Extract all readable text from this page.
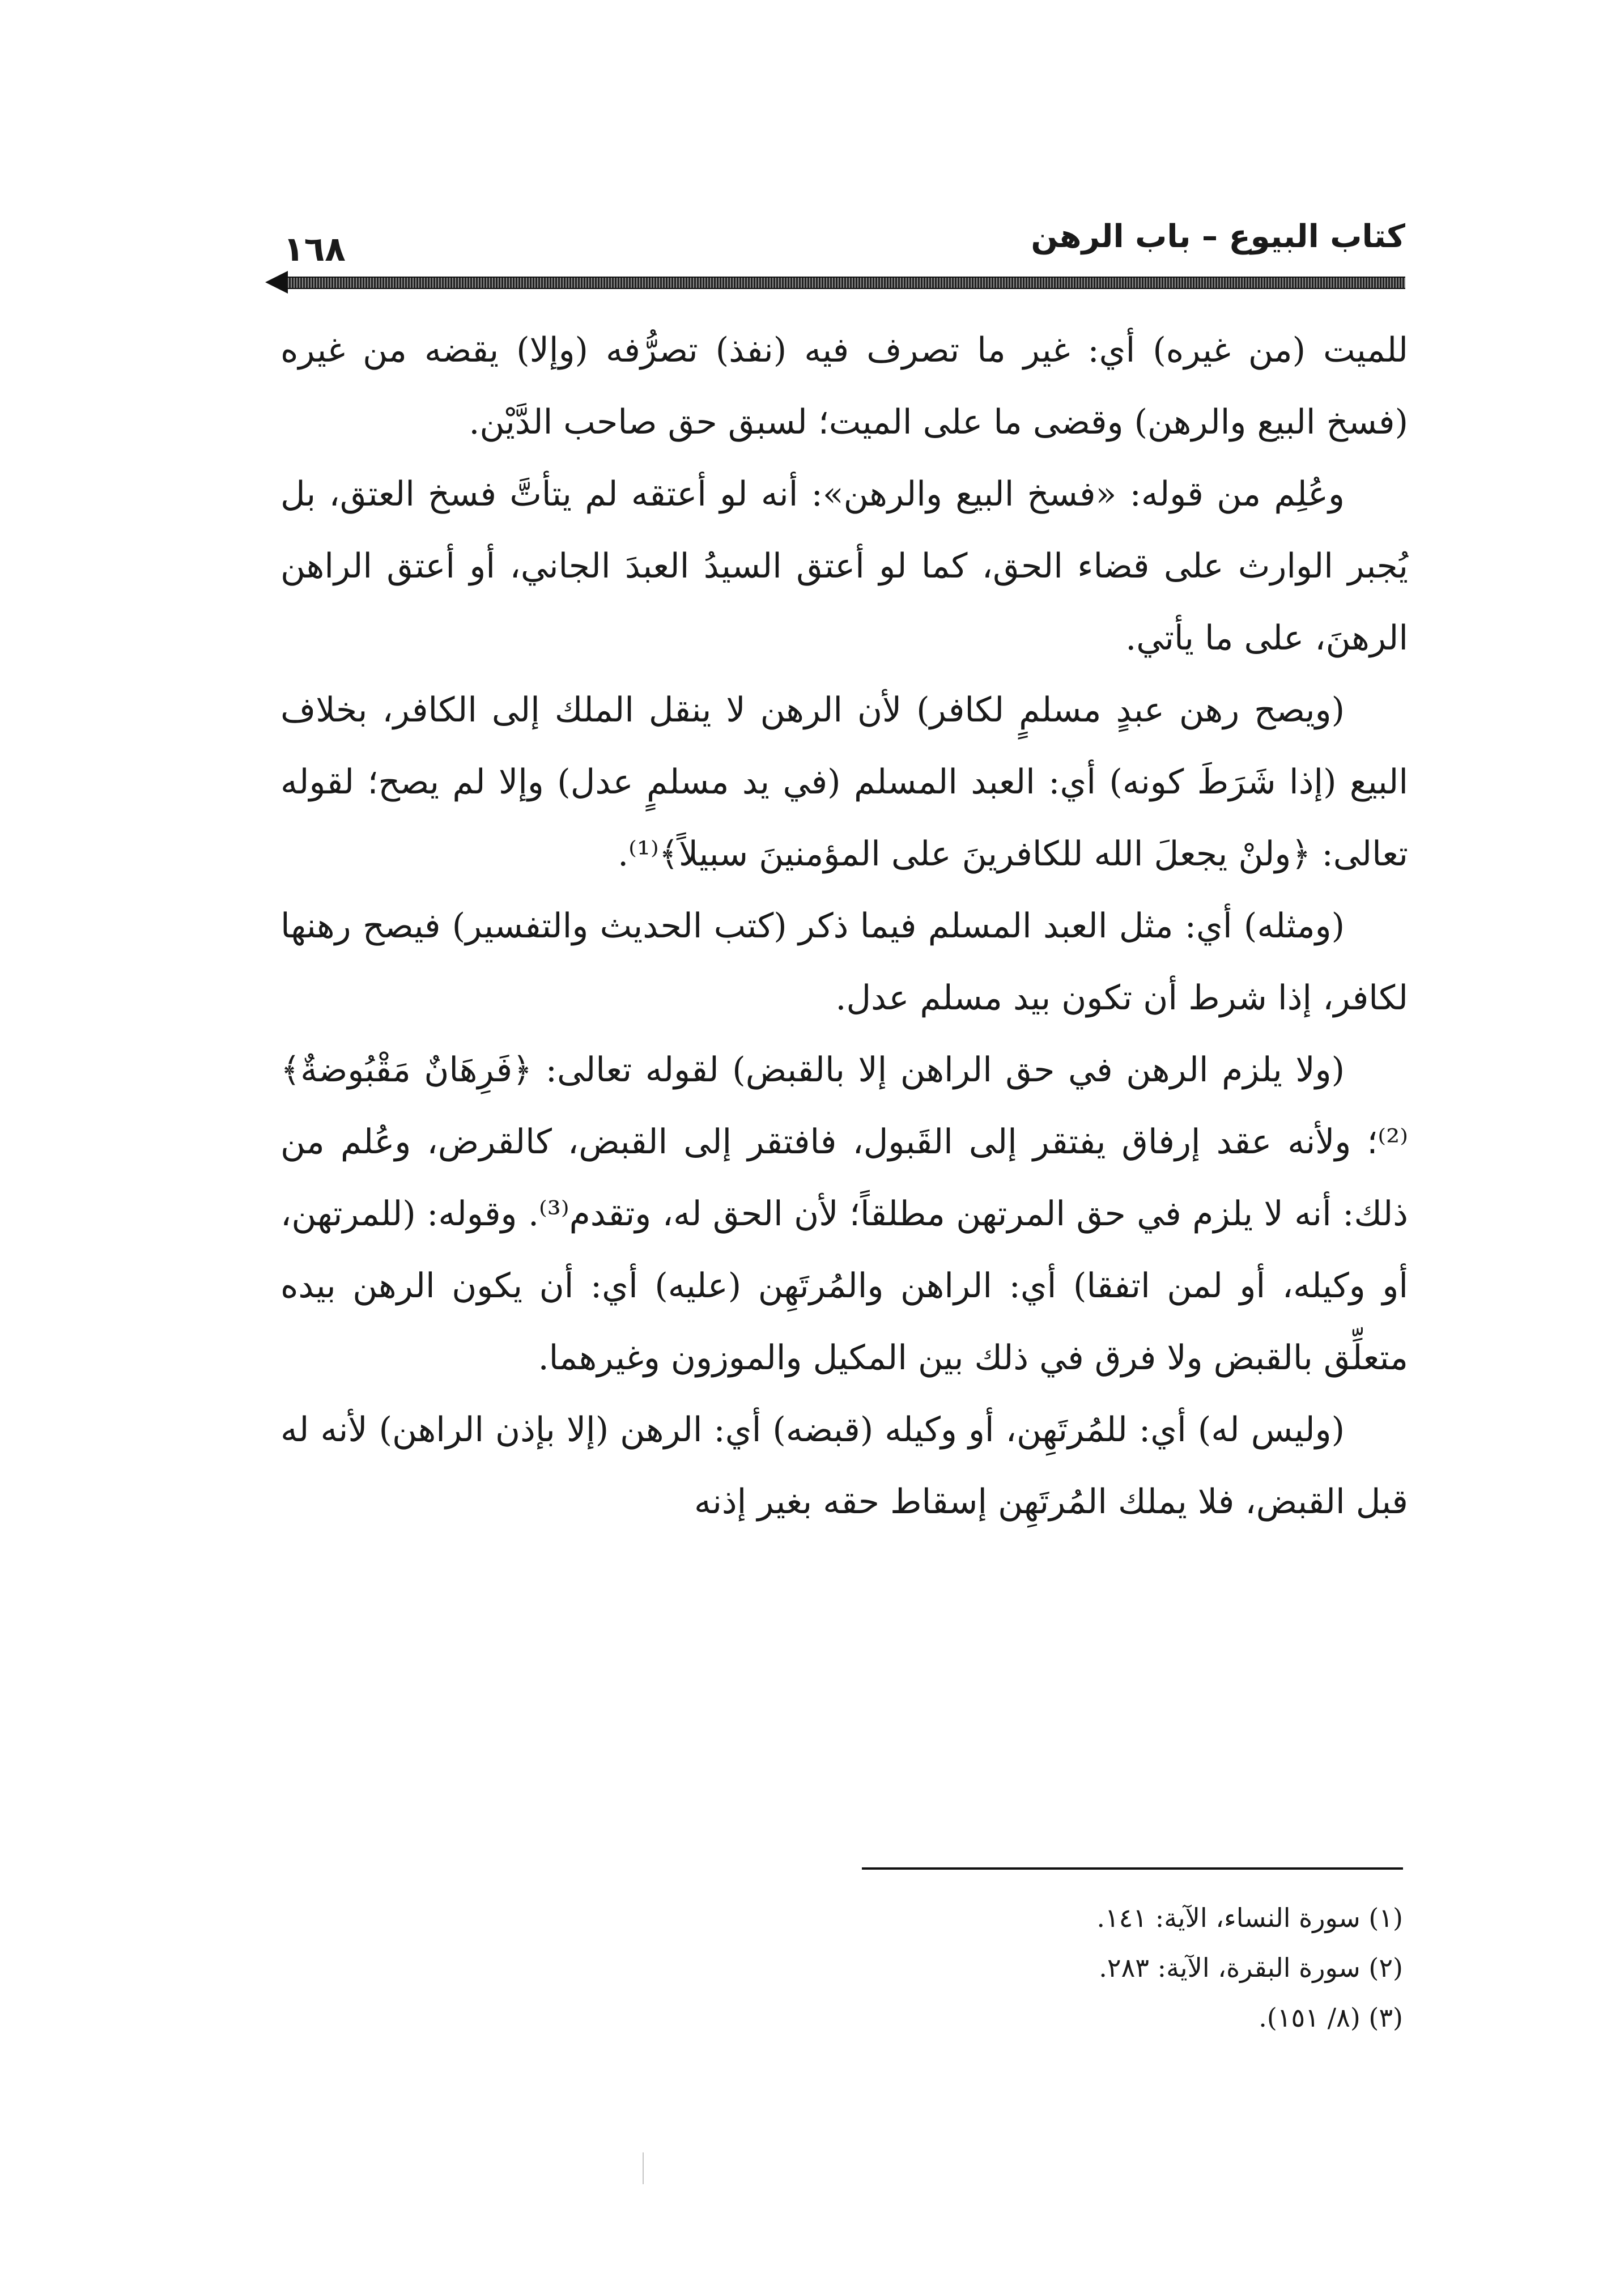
كتاب البيوع – باب الرهن
١٦٨

للميت (من غيره) أي: غير ما تصرف فيه (نفذ) تصرُّفه (وإلا) يقضه من غيره (فسخ البيع والرهن) وقضى ما على الميت؛ لسبق حق صاحب الدَّيْن.

وعُلِم من قوله: «فسخ البيع والرهن»: أنه لو أعتقه لم يتأتَّ فسخ العتق، بل يُجبر الوارث على قضاء الحق، كما لو أعتق السيدُ العبدَ الجاني، أو أعتق الراهن الرهنَ، على ما يأتي.

(ويصح رهن عبدٍ مسلمٍ لكافر) لأن الرهن لا ينقل الملك إلى الكافر، بخلاف البيع (إذا شَرَطَ كونه) أي: العبد المسلم (في يد مسلمٍ عدل) وإلا لم يصح؛ لقوله تعالى: ﴿ولنْ يجعلَ الله للكافرينَ على المؤمنينَ سبيلاً﴾⁽¹⁾.

(ومثله) أي: مثل العبد المسلم فيما ذكر (كتب الحديث والتفسير) فيصح رهنها لكافر، إذا شرط أن تكون بيد مسلم عدل.

(ولا يلزم الرهن في حق الراهن إلا بالقبض) لقوله تعالى: ﴿فَرِهَانٌ مَقْبُوضةٌ﴾⁽²⁾؛ ولأنه عقد إرفاق يفتقر إلى القَبول، فافتقر إلى القبض، كالقرض، وعُلم من ذلك: أنه لا يلزم في حق المرتهن مطلقاً؛ لأن الحق له، وتقدم⁽³⁾. وقوله: (للمرتهن، أو وكيله، أو لمن اتفقا) أي: الراهن والمُرتَهِن (عليه) أي: أن يكون الرهن بيده متعلِّق بالقبض ولا فرق في ذلك بين المكيل والموزون وغيرهما.

(وليس له) أي: للمُرتَهِن، أو وكيله (قبضه) أي: الرهن (إلا بإذن الراهن) لأنه له قبل القبض، فلا يملك المُرتَهِن إسقاط حقه بغير إذنه

(١) سورة النساء، الآية: ١٤١.
(٢) سورة البقرة، الآية: ٢٨٣.
(٣) (٨/ ١٥١).
